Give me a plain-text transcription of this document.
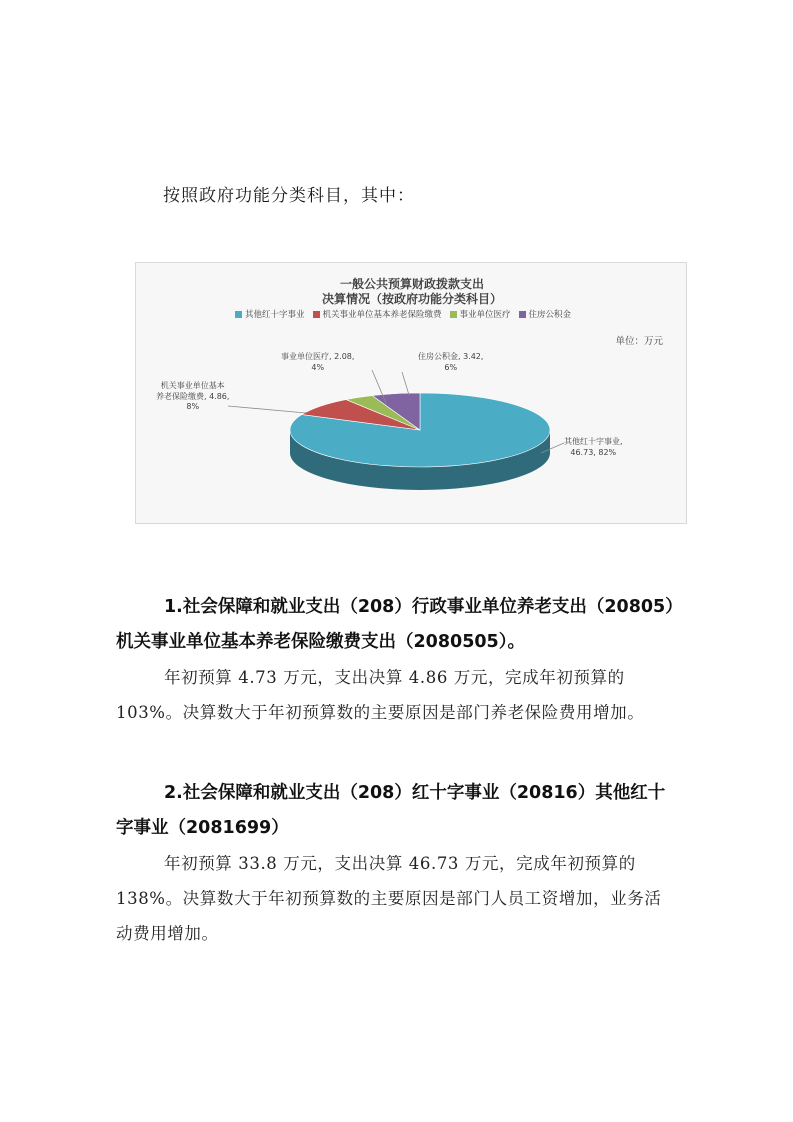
按照政府功能分类科目，其中：

一般公共预算财政拨款支出
决算情况（按政府功能分类科目）
其他红十字事业 机关事业单位基本养老保险缴费 事业单位医疗 住房公积金
单位：万元
事业单位医疗, 2.08,
4%
住房公积金, 3.42,
6%
机关事业单位基本
养老保险缴费, 4.86,
8%
其他红十字事业,
46.73, 82%

1.社会保障和就业支出（208）行政事业单位养老支出（20805）机关事业单位基本养老保险缴费支出（2080505）。

年初预算 4.73 万元，支出决算 4.86 万元，完成年初预算的 103%。决算数大于年初预算数的主要原因是部门养老保险费用增加。

2.社会保障和就业支出（208）红十字事业（20816）其他红十字事业（2081699）

年初预算 33.8 万元，支出决算 46.73 万元，完成年初预算的 138%。决算数大于年初预算数的主要原因是部门人员工资增加，业务活动费用增加。
